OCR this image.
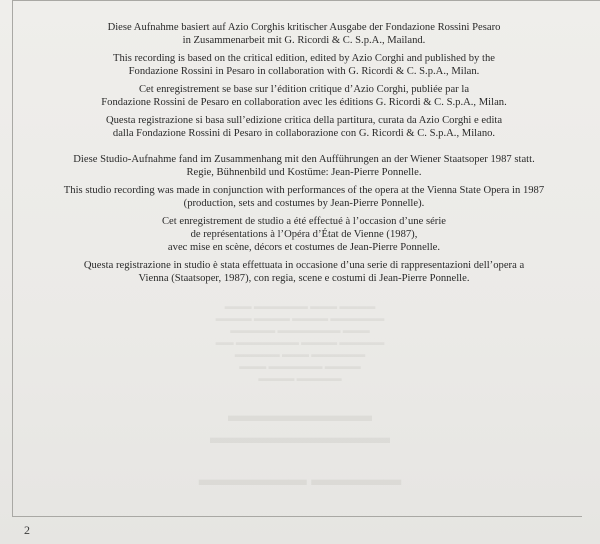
▬▬▬▬ ▬▬▬ ▬▬▬▬▬▬ ▬▬▬
▬▬▬▬▬▬ ▬▬▬▬ ▬▬▬▬ ▬▬▬▬
▬▬▬ ▬▬▬▬▬▬▬ ▬▬▬▬▬
▬▬▬▬▬ ▬▬▬▬ ▬▬▬▬▬▬▬ ▬▬
▬▬▬▬▬▬ ▬▬▬ ▬▬▬▬▬
▬▬▬▬ ▬▬▬▬▬▬ ▬▬▬
▬▬▬▬▬ ▬▬▬▬
▬▬▬▬▬▬▬▬ ▬▬▬▬▬▬▬▬▬▬
▬▬▬▬▬ ▬▬▬▬▬▬

Diese Aufnahme basiert auf Azio Corghis kritischer Ausgabe der Fondazione Rossini Pesaro
in Zusammenarbeit mit G. Ricordi & C. S.p.A., Mailand.

This recording is based on the critical edition, edited by Azio Corghi and published by the
Fondazione Rossini in Pesaro in collaboration with G. Ricordi & C. S.p.A., Milan.

Cet enregistrement se base sur l’édition critique d’Azio Corghi, publiée par la
Fondazione Rossini de Pesaro en collaboration avec les éditions G. Ricordi & C. S.p.A., Milan.

Questa registrazione si basa sull’edizione critica della partitura, curata da Azio Corghi e edita
dalla Fondazione Rossini di Pesaro in collaborazione con G. Ricordi & C. S.p.A., Milano.

Diese Studio-Aufnahme fand im Zusammenhang mit den Aufführungen an der Wiener Staatsoper 1987 statt.
Regie, Bühnenbild und Kostüme: Jean-Pierre Ponnelle.

This studio recording was made in conjunction with performances of the opera at the Vienna State Opera in 1987
(production, sets and costumes by Jean-Pierre Ponnelle).

Cet enregistrement de studio a été effectué à l’occasion d’une série
de représentations à l’Opéra d’État de Vienne (1987),
avec mise en scène, décors et costumes de Jean-Pierre Ponnelle.

Questa registrazione in studio è stata effettuata in occasione d’una serie di rappresentazioni dell’opera a
Vienna (Staatsoper, 1987), con regia, scene e costumi di Jean-Pierre Ponnelle.

2
